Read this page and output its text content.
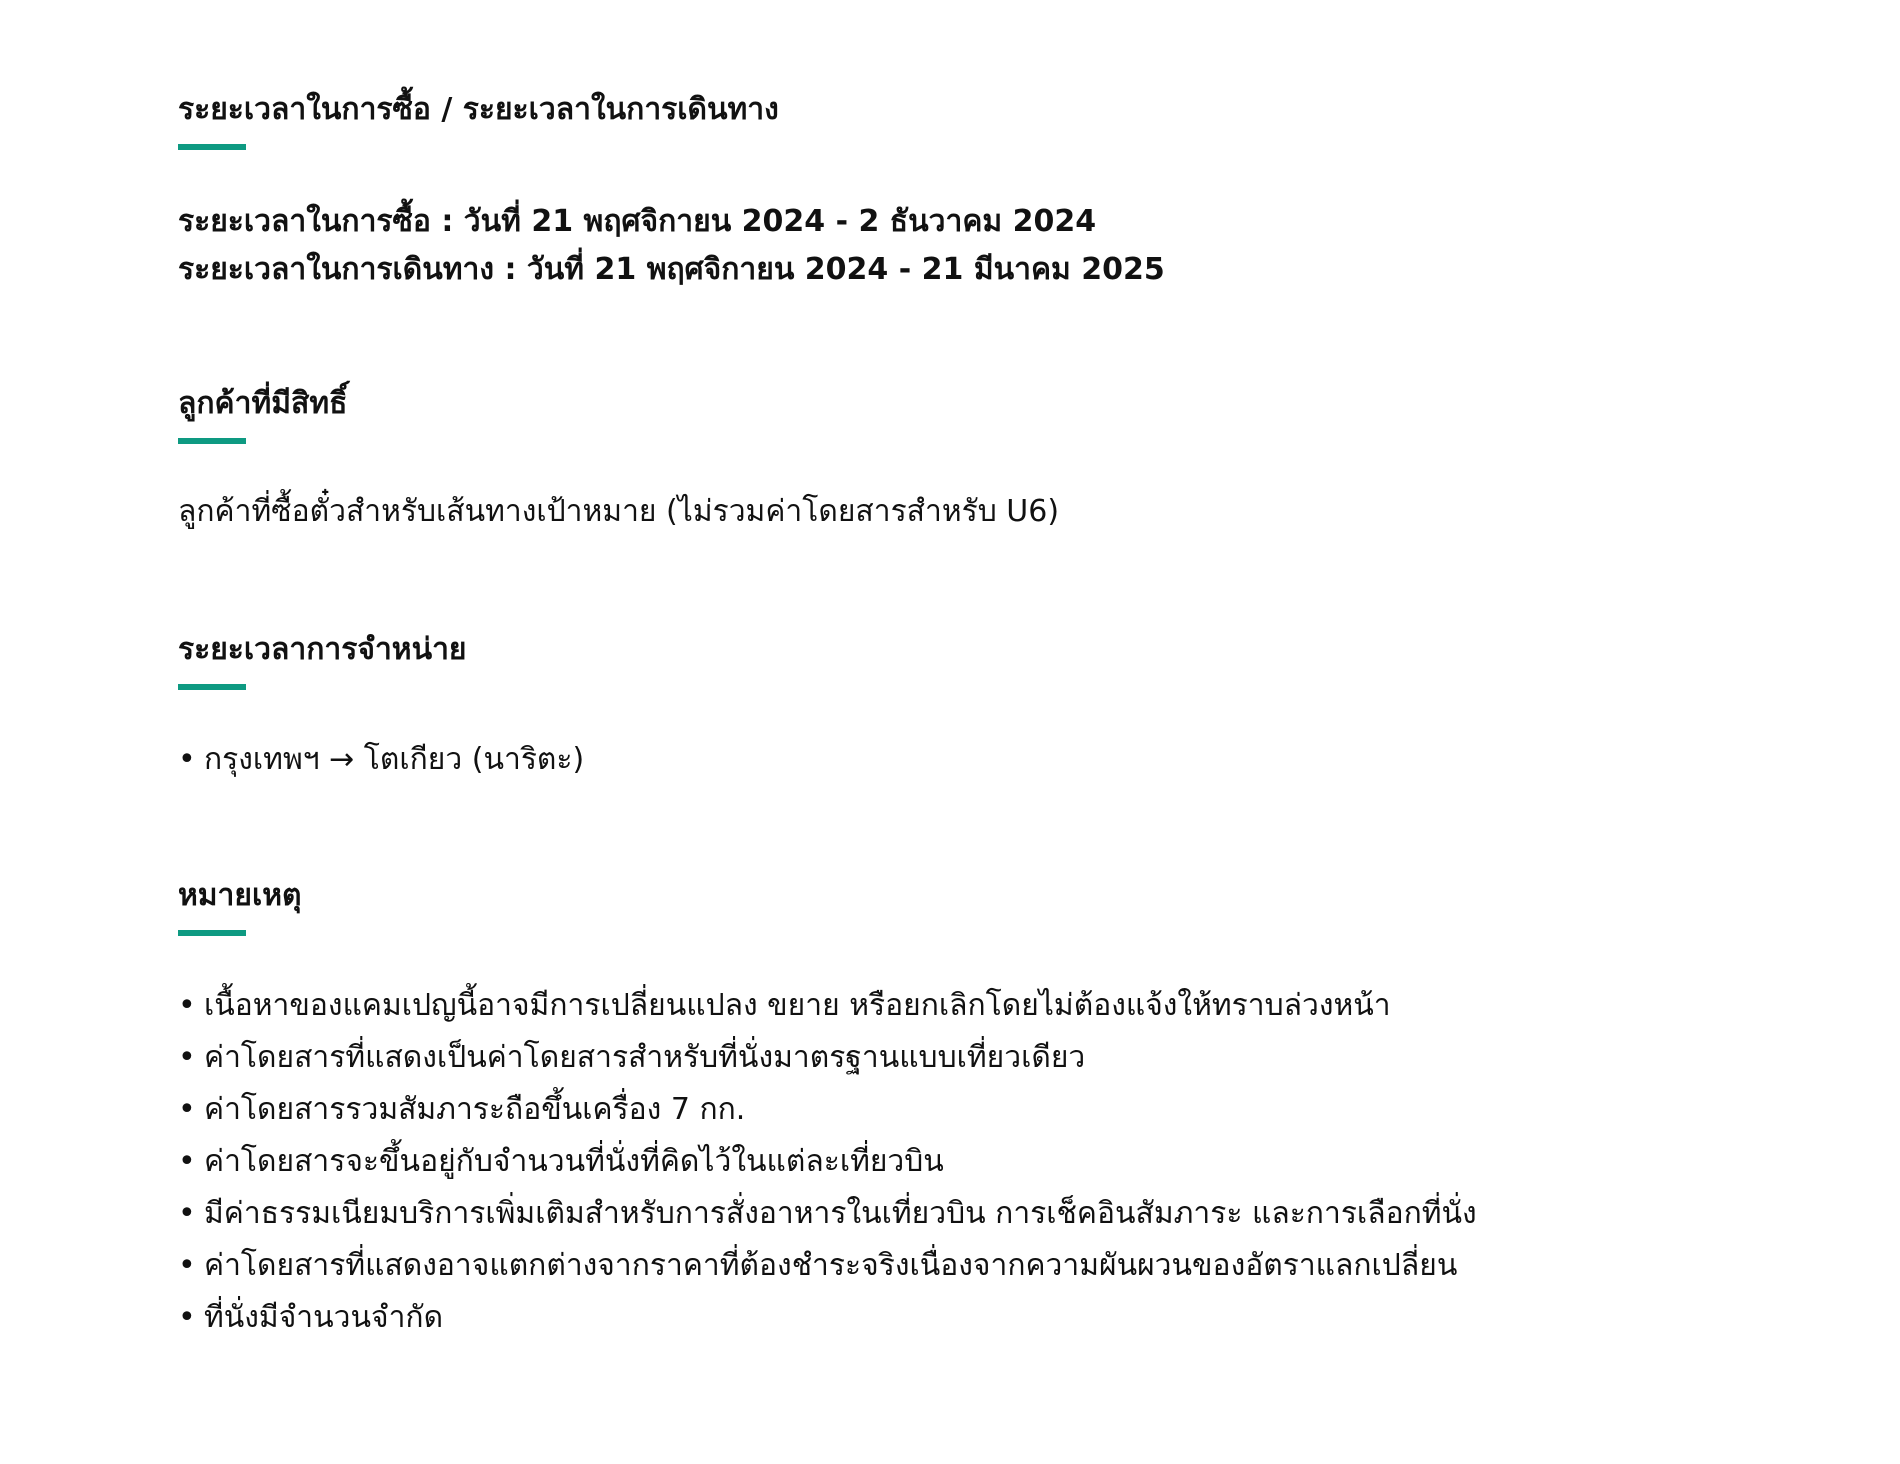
ระยะเวลาในการซื้อ / ระยะเวลาในการเดินทาง

ระยะเวลาในการซื้อ : วันที่ 21 พฤศจิกายน 2024 - 2 ธันวาคม 2024

ระยะเวลาในการเดินทาง : วันที่ 21 พฤศจิกายน 2024 - 21 มีนาคม 2025

ลูกค้าที่มีสิทธิ์

ลูกค้าที่ซื้อตั๋วสำหรับเส้นทางเป้าหมาย (ไม่รวมค่าโดยสารสำหรับ U6)

ระยะเวลาการจำหน่าย
• กรุงเทพฯ → โตเกียว (นาริตะ)
หมายเหตุ
• เนื้อหาของแคมเปญนี้อาจมีการเปลี่ยนแปลง ขยาย หรือยกเลิกโดยไม่ต้องแจ้งให้ทราบล่วงหน้า
• ค่าโดยสารที่แสดงเป็นค่าโดยสารสำหรับที่นั่งมาตรฐานแบบเที่ยวเดียว
• ค่าโดยสารรวมสัมภาระถือขึ้นเครื่อง 7 กก.
• ค่าโดยสารจะขึ้นอยู่กับจำนวนที่นั่งที่คิดไว้ในแต่ละเที่ยวบิน
• มีค่าธรรมเนียมบริการเพิ่มเติมสำหรับการสั่งอาหารในเที่ยวบิน การเช็คอินสัมภาระ และการเลือกที่นั่ง
• ค่าโดยสารที่แสดงอาจแตกต่างจากราคาที่ต้องชำระจริงเนื่องจากความผันผวนของอัตราแลกเปลี่ยน
• ที่นั่งมีจำนวนจำกัด
